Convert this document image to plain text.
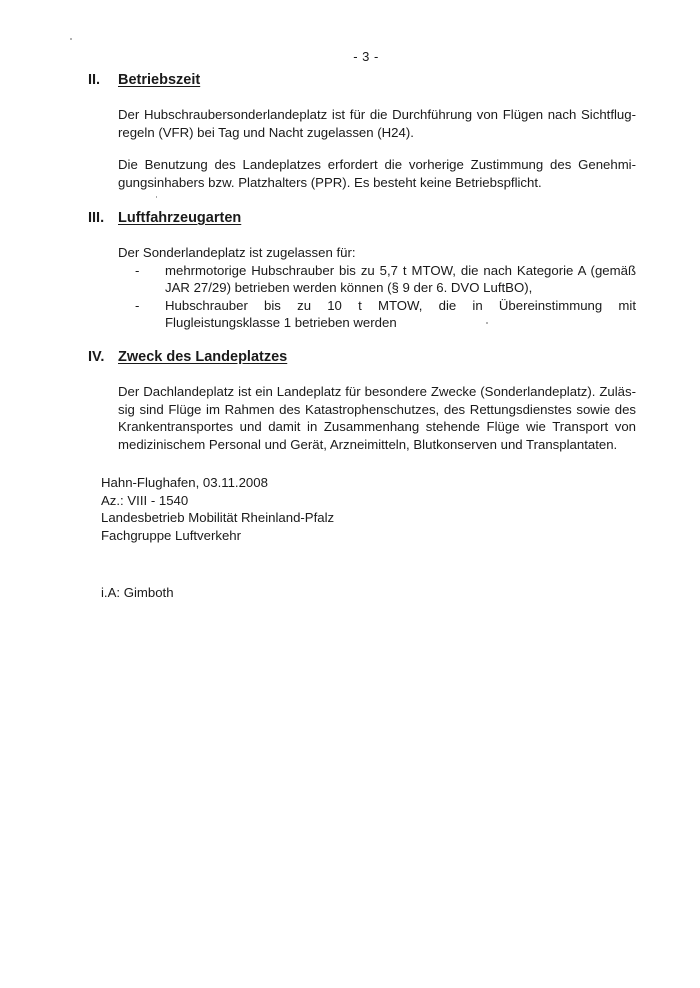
- 3 -
II.	Betriebszeit

Der Hubschraubersonderlandeplatz ist für die Durchführung von Flügen nach Sichtflug-regeln (VFR) bei Tag und Nacht zugelassen (H24).

Die Benutzung des Landeplatzes erfordert die vorherige Zustimmung des Genehmi-gungsinhabers bzw. Platzhalters (PPR). Es besteht keine Betriebspflicht.

III. Luftfahrzeugarten

Der Sonderlandeplatz ist zugelassen für:

-	mehrmotorige Hubschrauber bis zu 5,7 t MTOW, die nach Kategorie A (gemäß JAR 27/29) betrieben werden können (§ 9 der 6. DVO LuftBO),
-	Hubschrauber bis zu 10 t MTOW, die in Übereinstimmung mit Flugleistungsklasse 1 betrieben werden
IV. Zweck des Landeplatzes

Der Dachlandeplatz ist ein Landeplatz für besondere Zwecke (Sonderlandeplatz). Zuläs-sig sind Flüge im Rahmen des Katastrophenschutzes, des Rettungsdienstes sowie des Krankentransportes und damit in Zusammenhang stehende Flüge wie Transport von medizinischem Personal und Gerät, Arzneimitteln, Blutkonserven und Transplantaten.

Hahn-Flughafen, 03.11.2008
Az.: VIII - 1540
Landesbetrieb Mobilität Rheinland-Pfalz
Fachgruppe Luftverkehr
i.A: Gimboth
